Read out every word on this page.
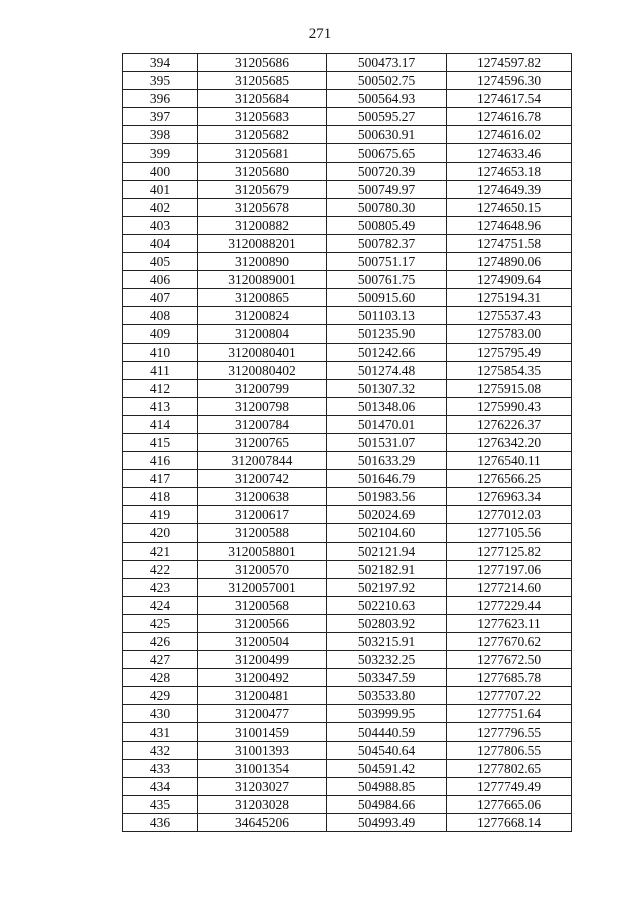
271
394	31205686	500473.17	1274597.82
395	31205685	500502.75	1274596.30
396	31205684	500564.93	1274617.54
397	31205683	500595.27	1274616.78
398	31205682	500630.91	1274616.02
399	31205681	500675.65	1274633.46
400	31205680	500720.39	1274653.18
401	31205679	500749.97	1274649.39
402	31205678	500780.30	1274650.15
403	31200882	500805.49	1274648.96
404	3120088201	500782.37	1274751.58
405	31200890	500751.17	1274890.06
406	3120089001	500761.75	1274909.64
407	31200865	500915.60	1275194.31
408	31200824	501103.13	1275537.43
409	31200804	501235.90	1275783.00
410	3120080401	501242.66	1275795.49
411	3120080402	501274.48	1275854.35
412	31200799	501307.32	1275915.08
413	31200798	501348.06	1275990.43
414	31200784	501470.01	1276226.37
415	31200765	501531.07	1276342.20
416	312007844	501633.29	1276540.11
417	31200742	501646.79	1276566.25
418	31200638	501983.56	1276963.34
419	31200617	502024.69	1277012.03
420	31200588	502104.60	1277105.56
421	3120058801	502121.94	1277125.82
422	31200570	502182.91	1277197.06
423	3120057001	502197.92	1277214.60
424	31200568	502210.63	1277229.44
425	31200566	502803.92	1277623.11
426	31200504	503215.91	1277670.62
427	31200499	503232.25	1277672.50
428	31200492	503347.59	1277685.78
429	31200481	503533.80	1277707.22
430	31200477	503999.95	1277751.64
431	31001459	504440.59	1277796.55
432	31001393	504540.64	1277806.55
433	31001354	504591.42	1277802.65
434	31203027	504988.85	1277749.49
435	31203028	504984.66	1277665.06
436	34645206	504993.49	1277668.14
